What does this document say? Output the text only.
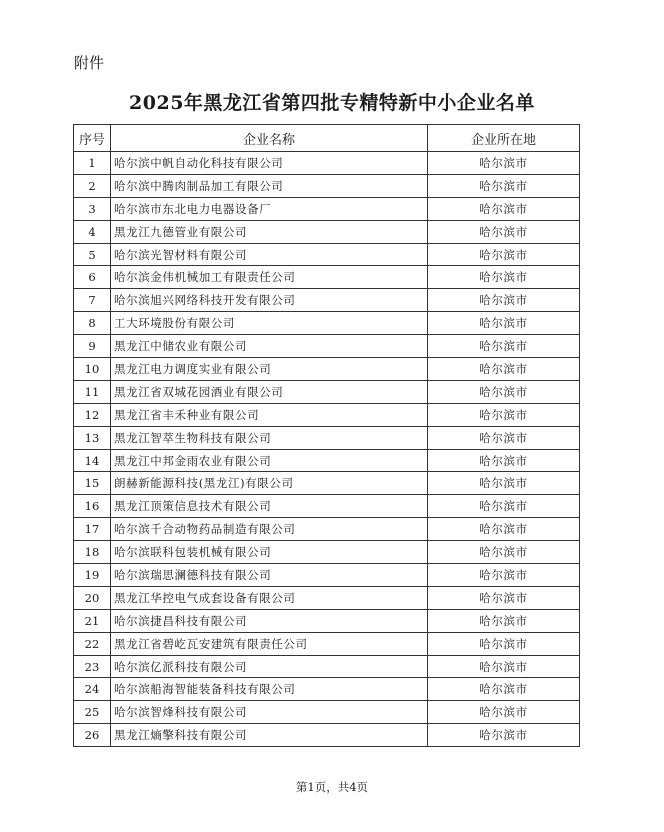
附件
2025年黑龙江省第四批专精特新中小企业名单
序号	企业名称	企业所在地
1	哈尔滨中帆自动化科技有限公司	哈尔滨市
2	哈尔滨中腾肉制品加工有限公司	哈尔滨市
3	哈尔滨市东北电力电器设备厂	哈尔滨市
4	黑龙江九德管业有限公司	哈尔滨市
5	哈尔滨光智材料有限公司	哈尔滨市
6	哈尔滨金伟机械加工有限责任公司	哈尔滨市
7	哈尔滨旭兴网络科技开发有限公司	哈尔滨市
8	工大环境股份有限公司	哈尔滨市
9	黑龙江中储农业有限公司	哈尔滨市
10	黑龙江电力调度实业有限公司	哈尔滨市
11	黑龙江省双城花园酒业有限公司	哈尔滨市
12	黑龙江省丰禾种业有限公司	哈尔滨市
13	黑龙江智萃生物科技有限公司	哈尔滨市
14	黑龙江中邦金雨农业有限公司	哈尔滨市
15	朗赫新能源科技(黑龙江)有限公司	哈尔滨市
16	黑龙江顶策信息技术有限公司	哈尔滨市
17	哈尔滨千合动物药品制造有限公司	哈尔滨市
18	哈尔滨联科包装机械有限公司	哈尔滨市
19	哈尔滨瑞思澜德科技有限公司	哈尔滨市
20	黑龙江华控电气成套设备有限公司	哈尔滨市
21	哈尔滨捷昌科技有限公司	哈尔滨市
22	黑龙江省碧屹瓦安建筑有限责任公司	哈尔滨市
23	哈尔滨亿派科技有限公司	哈尔滨市
24	哈尔滨船海智能装备科技有限公司	哈尔滨市
25	哈尔滨智烽科技有限公司	哈尔滨市
26	黑龙江熵擎科技有限公司	哈尔滨市
第1页，共4页
